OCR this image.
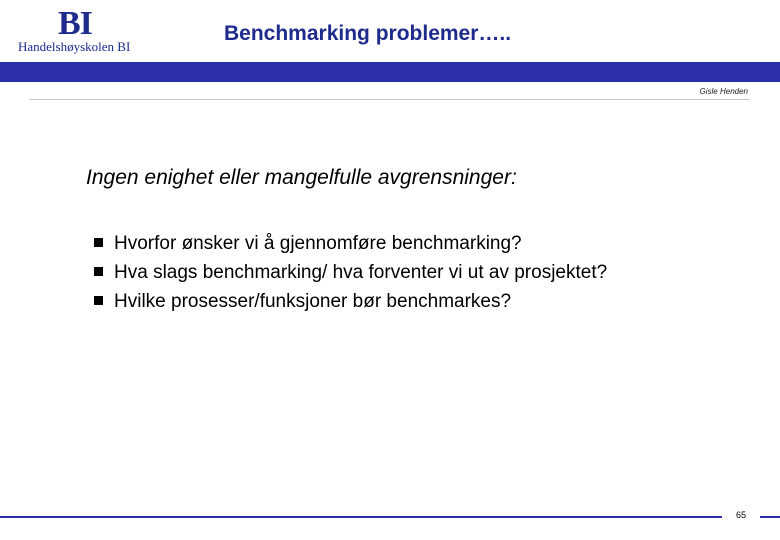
BI
Handelshøyskolen BI
Benchmarking problemer…..
Gisle Henden
Ingen enighet eller mangelfulle avgrensninger:
Hvorfor ønsker vi å gjennomføre benchmarking?
Hva slags benchmarking/ hva forventer vi ut av prosjektet?
Hvilke prosesser/funksjoner bør benchmarkes?
65
